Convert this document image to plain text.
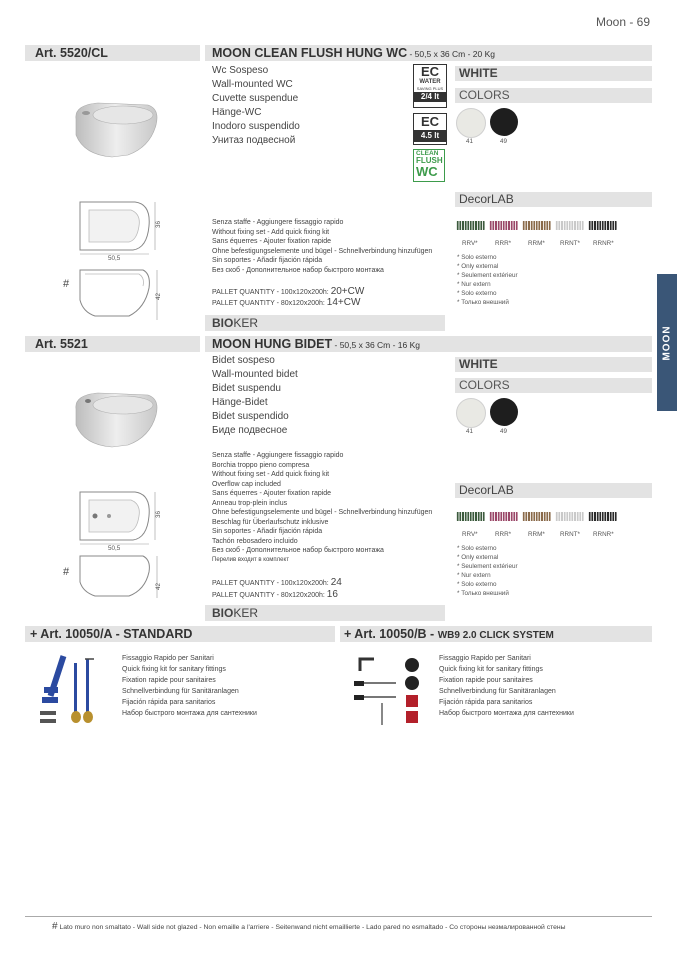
Moon - 69
MOON
Art. 5520/CL	MOON CLEAN FLUSH HUNG WC - 50,5 x 36 Cm - 20 Kg
Wc Sospeso
Wall-mounted WC
Cuvette suspendue
Hänge-WC
Inodoro suspendido
Унитаз подвесной
EC
WATER
SAVING PLUS
2/4 lt
EC
4.5 lt
CLEAN
FLUSH
WC
WHITE
COLORS
41	49
DecorLAB
RRV*	RRR*	RRM* RRNT* RRNR*
* Solo esterno
* Only external
* Seulement extérieur
* Nur extern
* Solo externo
* Только внешний
36
50,5
#
42
Senza staffe - Aggiungere fissaggio rapido
Without fixing set - Add quick fixing kit
Sans équerres - Ajouter fixation rapide
Ohne befestigungselemente und bügel - Schnellverbindung hinzufügen
Sin soportes - Añadir fijación rápida
Без скоб - Дополнительное набор быстрого монтажа
PALLET QUANTITY - 100x120x200h: 20+CW
PALLET QUANTITY - 80x120x200h: 14+CW
BIOKER
Art. 5521	MOON HUNG BIDET - 50,5 x 36 Cm - 16 Kg
Bidet sospeso
Wall-mounted bidet
Bidet suspendu
Hänge-Bidet
Bidet suspendido
Биде подвесное
WHITE
COLORS
41	49
DecorLAB
RRV*	RRR*	RRM* RRNT* RRNR*
* Solo esterno
* Only external
* Seulement extérieur
* Nur extern
* Solo externo
* Только внешний
36
50,5
#
42
Senza staffe - Aggiungere fissaggio rapido
Borchia troppo pieno compresa
Without fixing set - Add quick fixing kit
Overflow cap included
Sans équerres - Ajouter fixation rapide
Anneau trop-plein inclus
Ohne befestigungselemente und bügel - Schnellverbindung hinzufügen
Beschlag für Überlaufschutz inklusive
Sin soportes - Añadir fijación rápida
Tachón rebosadero incluido
Без скоб - Дополнительное набор быстрого монтажа
Перелив входит в комплект
PALLET QUANTITY - 100x120x200h: 24
PALLET QUANTITY - 80x120x200h: 16
BIOKER
+ Art. 10050/A - STANDARD	+ Art. 10050/B - WB9 2.0 CLICK SYSTEM
Fissaggio Rapido per Sanitari
Quick fixing kit for sanitary fittings
Fixation rapide pour sanitaires
Schnellverbindung für Sanitäranlagen
Fijación rápida para sanitarios
Набор быстрого монтажа для сантехники
Fissaggio Rapido per Sanitari
Quick fixing kit for sanitary fittings
Fixation rapide pour sanitaires
Schnellverbindung für Sanitäranlagen
Fijación rápida para sanitarios
Набор быстрого монтажа для сантехники
# Lato muro non smaltato - Wall side not glazed - Non emaille a l'arriere - Seitenwand nicht emaillierte - Lado pared no esmaltado - Со стороны незмалированной стены
